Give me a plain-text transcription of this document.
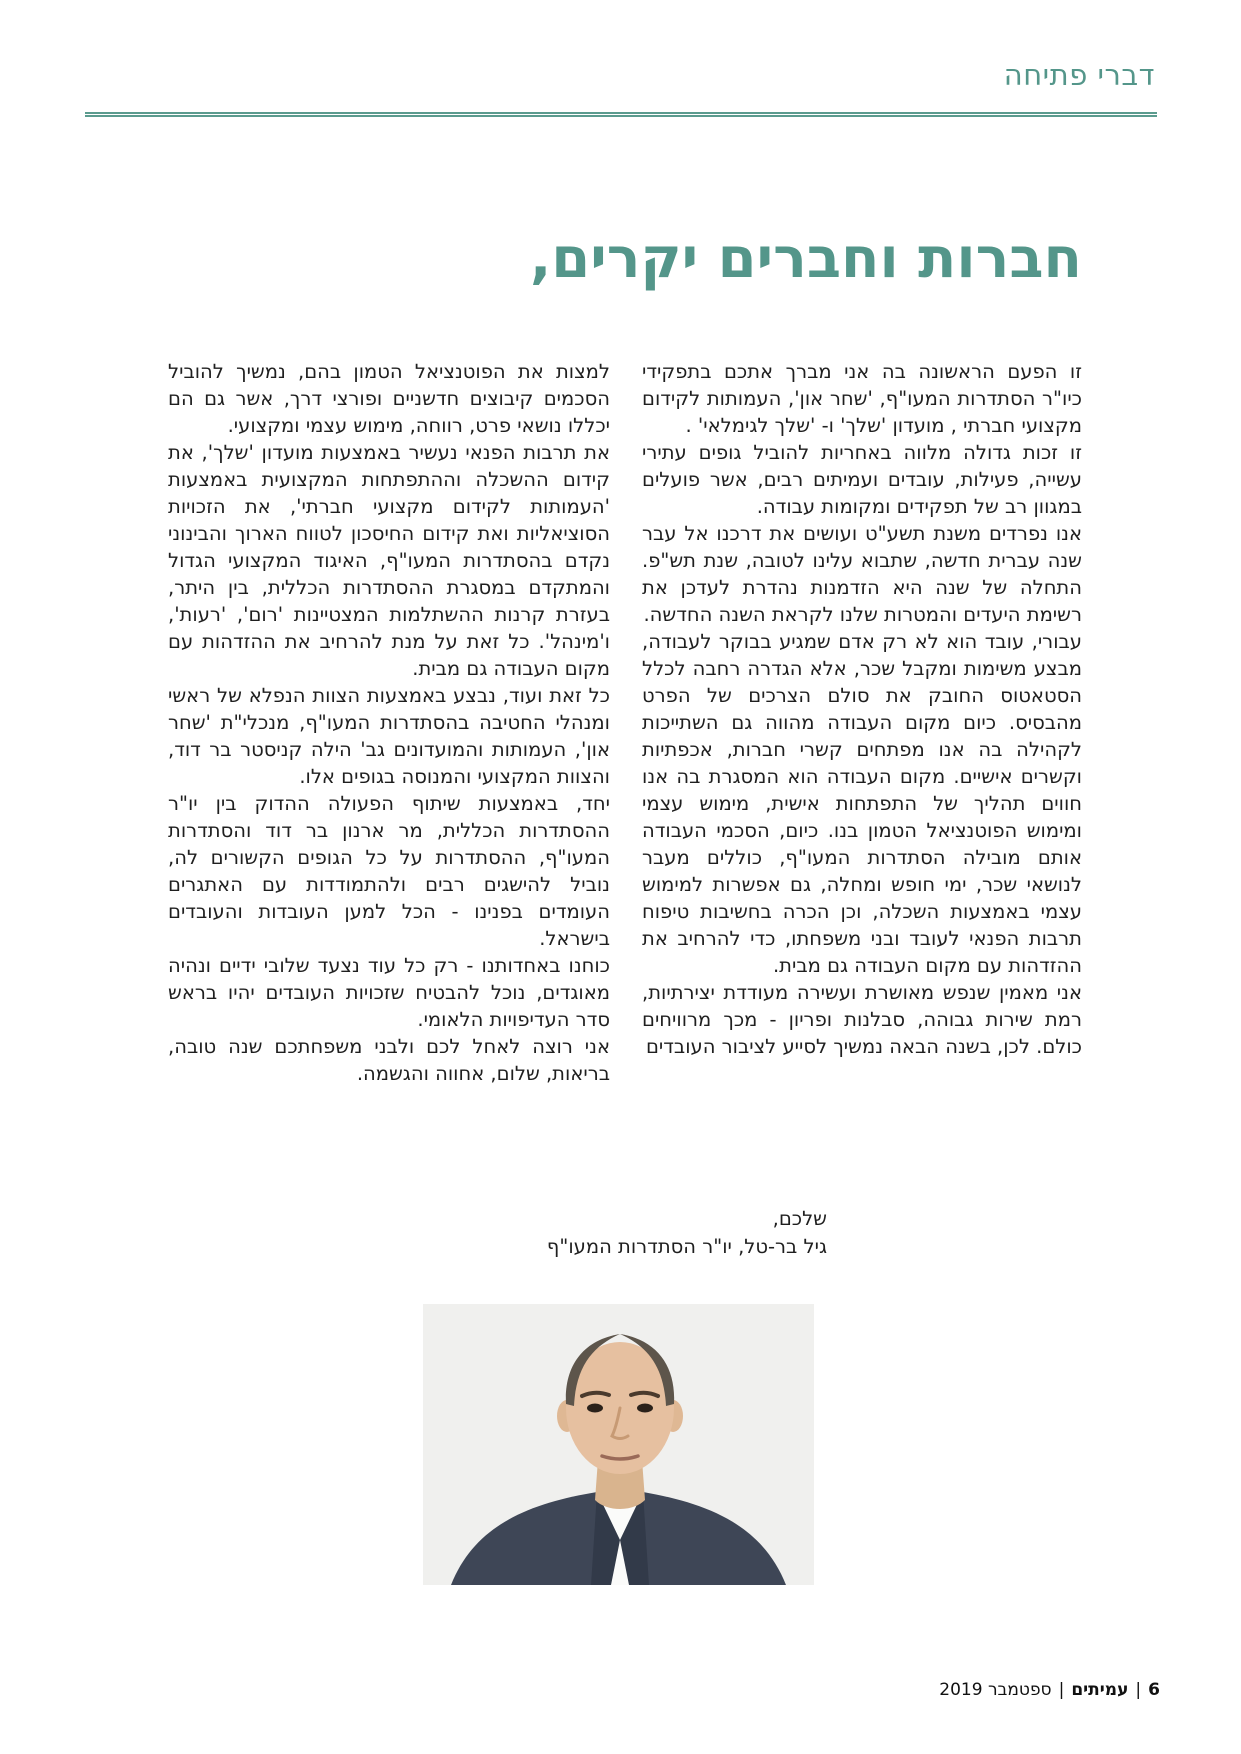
דברי פתיחה
חברות וחברים יקרים,

זו הפעם הראשונה בה אני מברך אתכם בתפקידי כיו"ר הסתדרות המעו"ף, 'שחר און', העמותות לקידום מקצועי חברתי , מועדון 'שלך' ו- 'שלך לגימלאי' .

זו זכות גדולה מלווה באחריות להוביל גופים עתירי עשייה, פעילות, עובדים ועמיתים רבים, אשר פועלים במגוון רב של תפקידים ומקומות עבודה.

אנו נפרדים משנת תשע"ט ועושים את דרכנו אל עבר שנה עברית חדשה, שתבוא עלינו לטובה, שנת תש"פ. התחלה של שנה היא הזדמנות נהדרת לעדכן את רשימת היעדים והמטרות שלנו לקראת השנה החדשה.

עבורי, עובד הוא לא רק אדם שמגיע בבוקר לעבודה, מבצע משימות ומקבל שכר, אלא הגדרה רחבה לכלל הסטאטוס החובק את סולם הצרכים של הפרט מהבסיס. כיום מקום העבודה מהווה גם השתייכות לקהילה בה אנו מפתחים קשרי חברות, אכפתיות וקשרים אישיים. מקום העבודה הוא המסגרת בה אנו חווים תהליך של התפתחות אישית, מימוש עצמי ומימוש הפוטנציאל הטמון בנו. כיום, הסכמי העבודה אותם מובילה הסתדרות המעו"ף, כוללים מעבר לנושאי שכר, ימי חופש ומחלה, גם אפשרות למימוש עצמי באמצעות השכלה, וכן הכרה בחשיבות טיפוח תרבות הפנאי לעובד ובני משפחתו, כדי להרחיב את ההזדהות עם מקום העבודה גם מבית.

אני מאמין שנפש מאושרת ועשירה מעודדת יצירתיות, רמת שירות גבוהה, סבלנות ופריון - מכך מרוויחים כולם. לכן, בשנה הבאה נמשיך לסייע לציבור העובדים

למצות את הפוטנציאל הטמון בהם, נמשיך להוביל הסכמים קיבוצים חדשניים ופורצי דרך, אשר גם הם יכללו נושאי פרט, רווחה, מימוש עצמי ומקצועי.

את תרבות הפנאי נעשיר באמצעות מועדון 'שלך', את קידום ההשכלה וההתפתחות המקצועית באמצעות 'העמותות לקידום מקצועי חברתי', את הזכויות הסוציאליות ואת קידום החיסכון לטווח הארוך והבינוני נקדם בהסתדרות המעו"ף, האיגוד המקצועי הגדול והמתקדם במסגרת ההסתדרות הכללית, בין היתר, בעזרת קרנות ההשתלמות המצטיינות 'רום', 'רעות', ו'מינהל'. כל זאת על מנת להרחיב את ההזדהות עם מקום העבודה גם מבית.

כל זאת ועוד, נבצע באמצעות הצוות הנפלא של ראשי ומנהלי החטיבה בהסתדרות המעו"ף, מנכלי"ת 'שחר און', העמותות והמועדונים גב' הילה קניסטר בר דוד, והצוות המקצועי והמנוסה בגופים אלו.

יחד, באמצעות שיתוף הפעולה ההדוק בין יו"ר ההסתדרות הכללית, מר ארנון בר דוד והסתדרות המעו"ף, ההסתדרות על כל הגופים הקשורים לה, נוביל להישגים רבים ולהתמודדות עם האתגרים העומדים בפנינו - הכל למען העובדות והעובדים בישראל.

כוחנו באחדותנו - רק כל עוד נצעד שלובי ידיים ונהיה מאוגדים, נוכל להבטיח שזכויות העובדים יהיו בראש סדר העדיפויות הלאומי.

אני רוצה לאחל לכם ולבני משפחתכם שנה טובה, בריאות, שלום, אחווה והגשמה.

שלכם,
גיל בר-טל, יו"ר הסתדרות המעו"ף
6|עמיתים|ספטמבר 2019
